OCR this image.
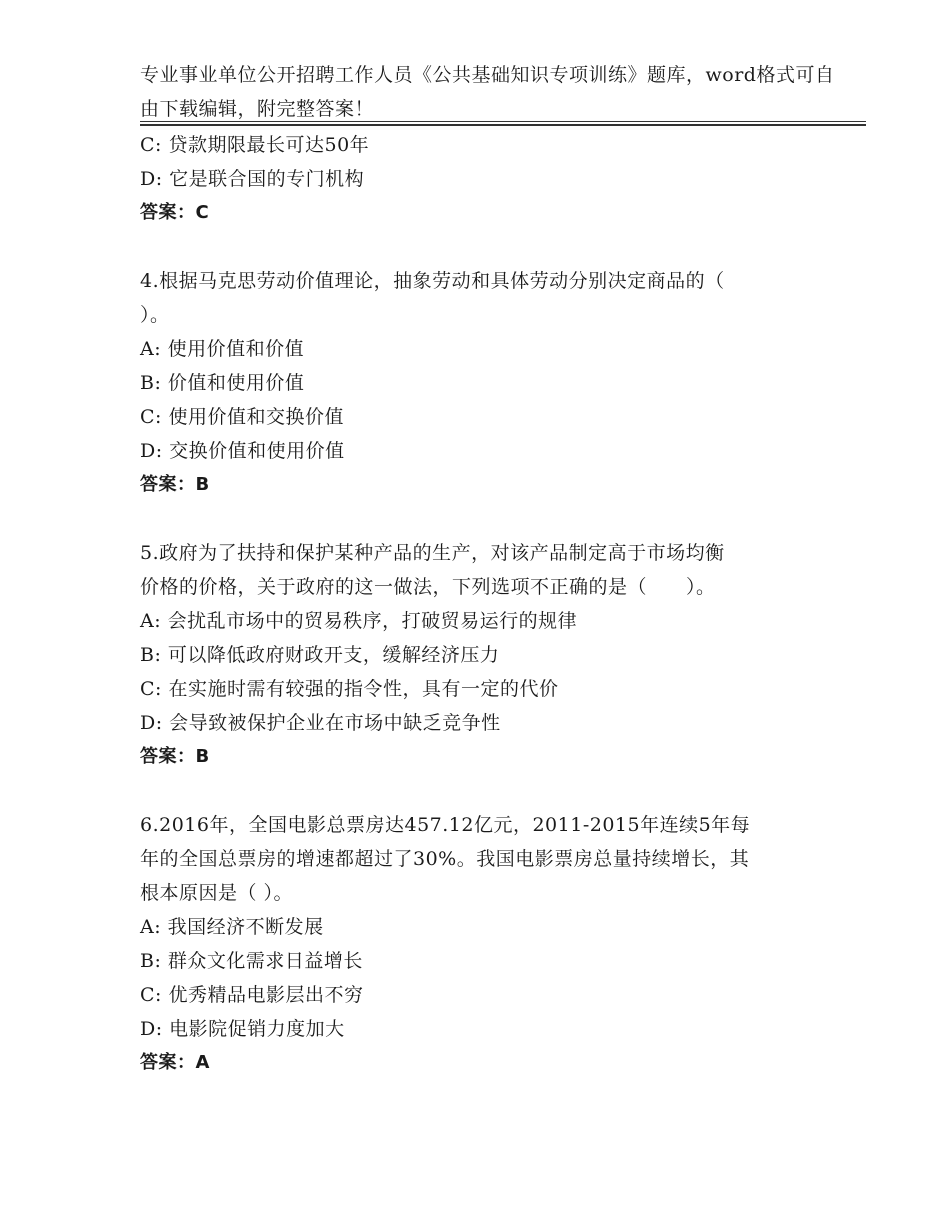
专业事业单位公开招聘工作人员《公共基础知识专项训练》题库，word格式可自
由下载编辑，附完整答案！
C: 贷款期限最长可达50年
D: 它是联合国的专门机构
答案：C
4.根据马克思劳动价值理论，抽象劳动和具体劳动分别决定商品的（
）。
A: 使用价值和价值
B: 价值和使用价值
C: 使用价值和交换价值
D: 交换价值和使用价值
答案：B
5.政府为了扶持和保护某种产品的生产，对该产品制定高于市场均衡
价格的价格，关于政府的这一做法，下列选项不正确的是（　　）。
A: 会扰乱市场中的贸易秩序，打破贸易运行的规律
B: 可以降低政府财政开支，缓解经济压力
C: 在实施时需有较强的指令性，具有一定的代价
D: 会导致被保护企业在市场中缺乏竞争性
答案：B
6.2016年，全国电影总票房达457.12亿元，2011-2015年连续5年每
年的全国总票房的增速都超过了30%。我国电影票房总量持续增长，其
根本原因是（ ）。
A: 我国经济不断发展
B: 群众文化需求日益增长
C: 优秀精品电影层出不穷
D: 电影院促销力度加大
答案：A
